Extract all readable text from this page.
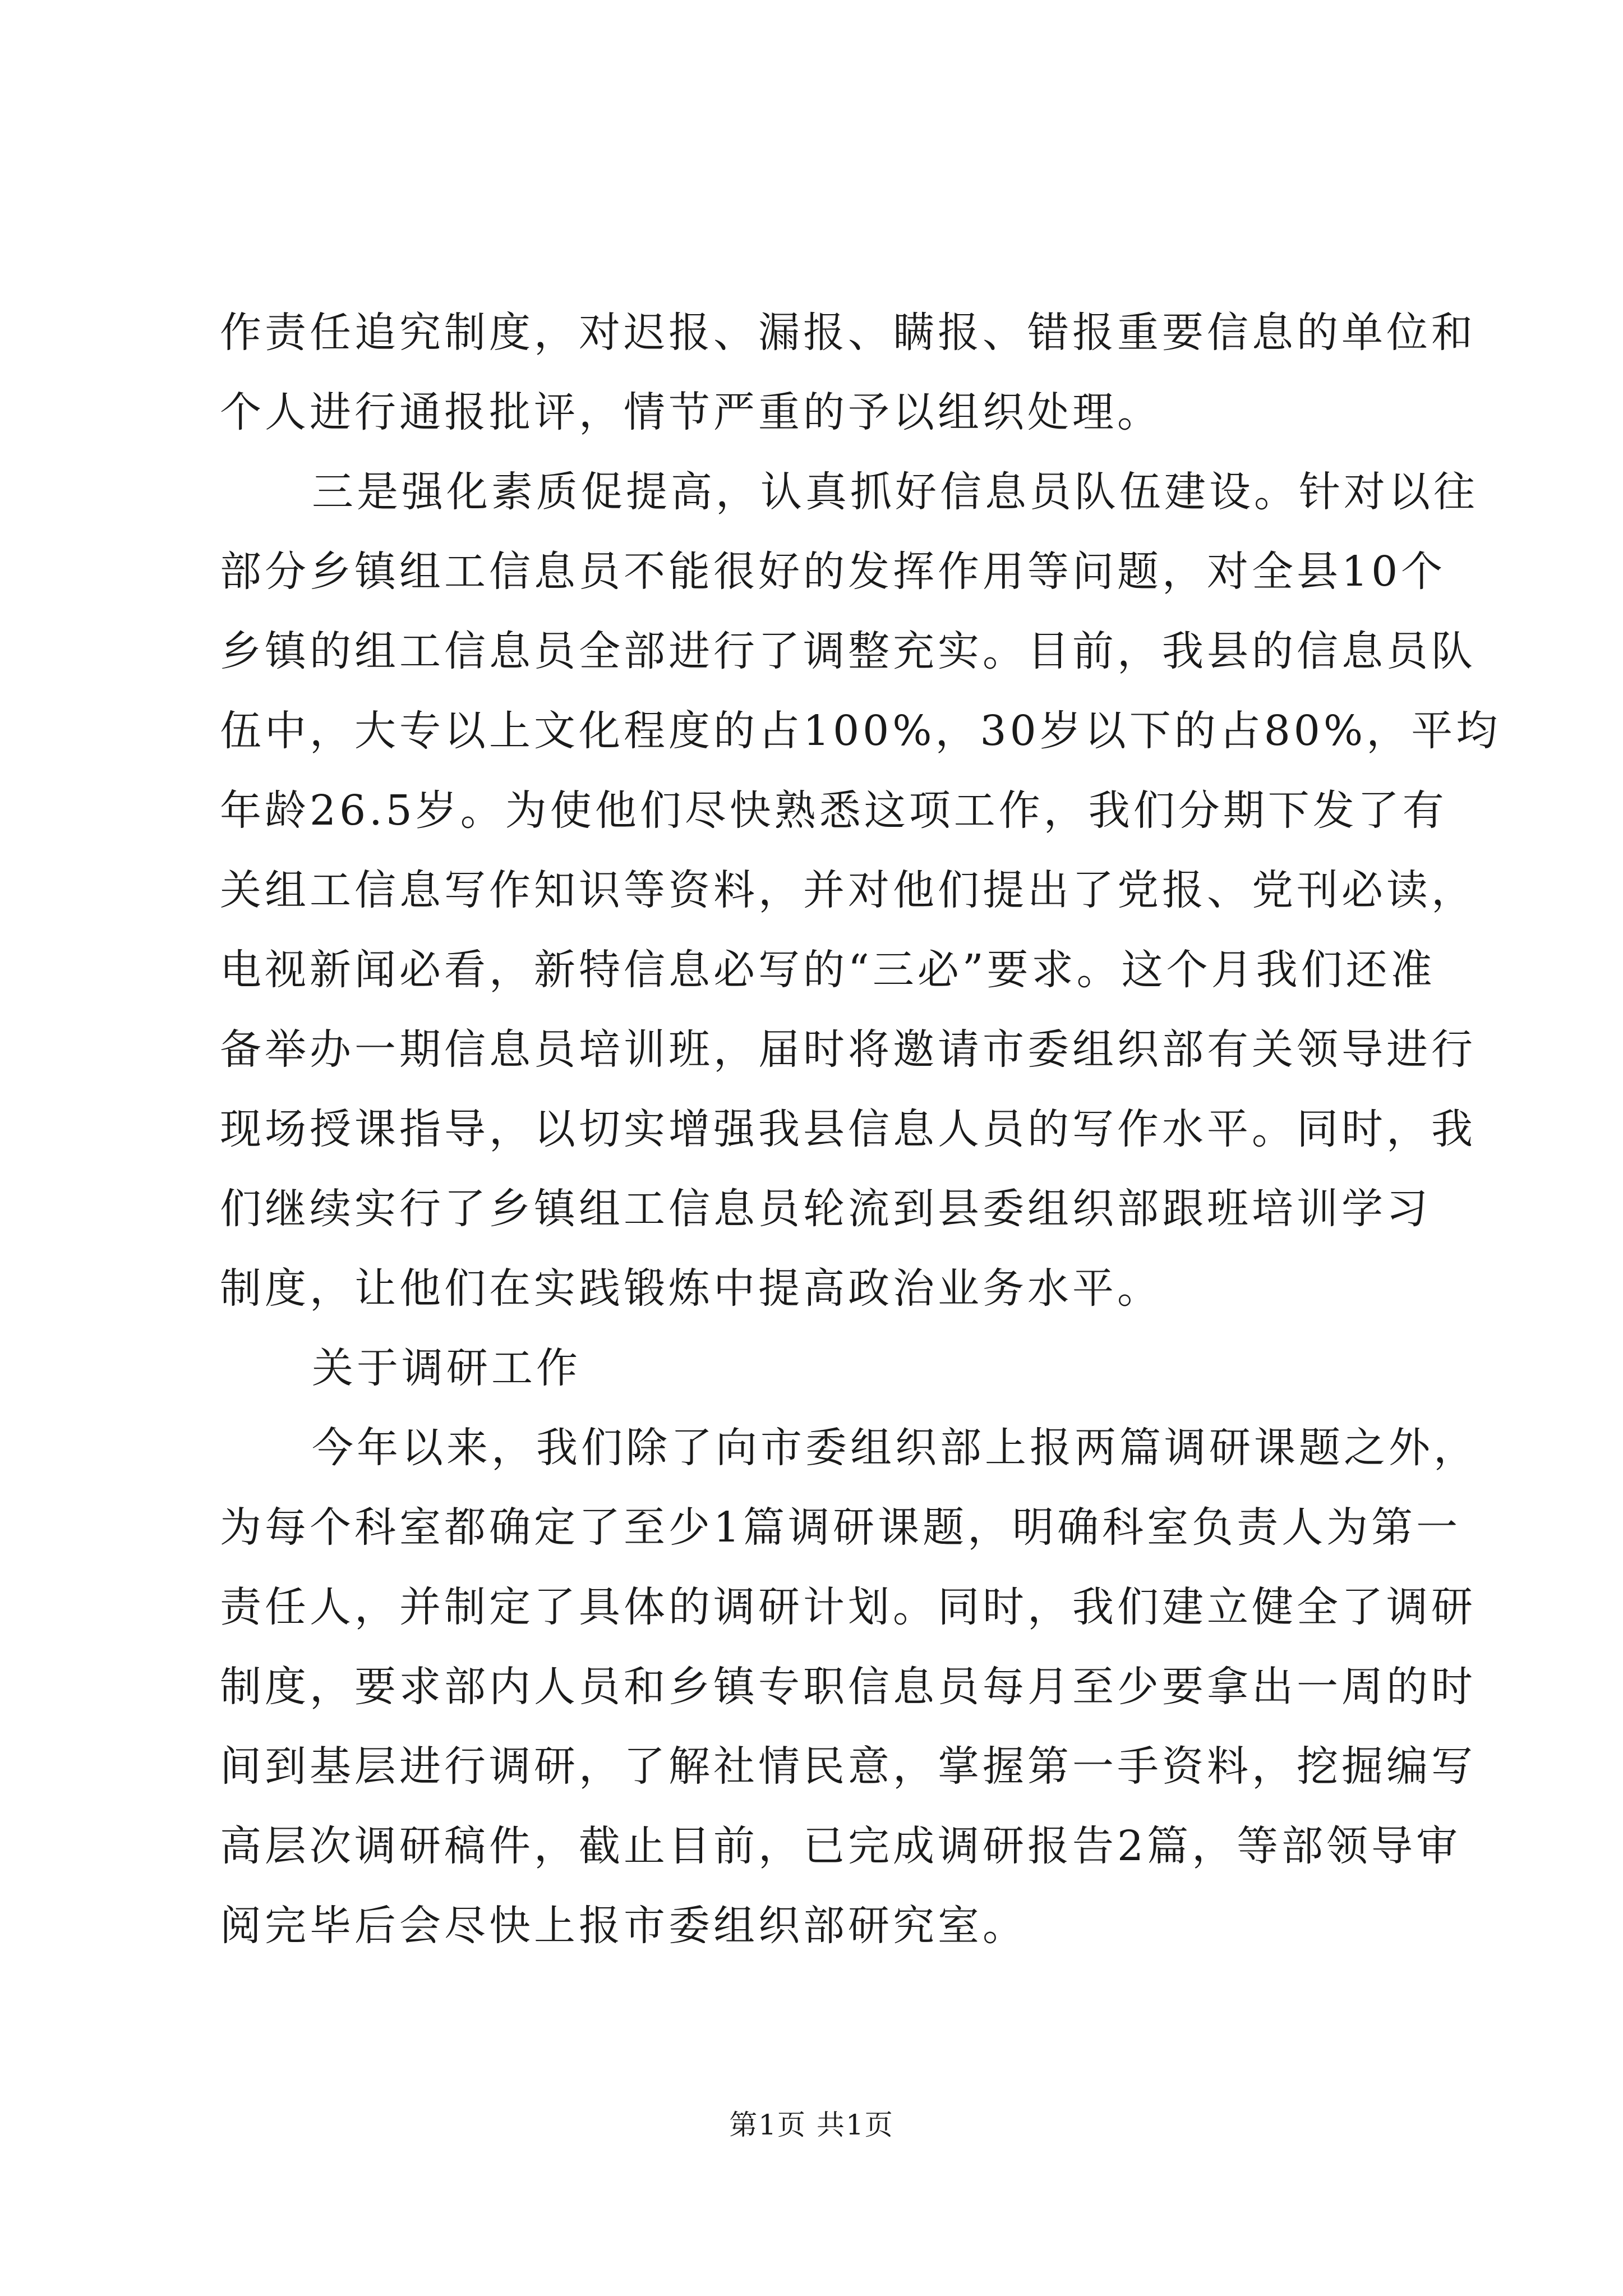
作责任追究制度，对迟报、漏报、瞒报、错报重要信息的单位和
个人进行通报批评，情节严重的予以组织处理。
三是强化素质促提高，认真抓好信息员队伍建设。针对以往
部分乡镇组工信息员不能很好的发挥作用等问题，对全县10个
乡镇的组工信息员全部进行了调整充实。目前，我县的信息员队
伍中，大专以上文化程度的占100%，30岁以下的占80%，平均
年龄26.5岁。为使他们尽快熟悉这项工作，我们分期下发了有
关组工信息写作知识等资料，并对他们提出了党报、党刊必读，
电视新闻必看，新特信息必写的“三必”要求。这个月我们还准
备举办一期信息员培训班，届时将邀请市委组织部有关领导进行
现场授课指导，以切实增强我县信息人员的写作水平。同时，我
们继续实行了乡镇组工信息员轮流到县委组织部跟班培训学习
制度，让他们在实践锻炼中提高政治业务水平。
关于调研工作
今年以来，我们除了向市委组织部上报两篇调研课题之外，
为每个科室都确定了至少1篇调研课题，明确科室负责人为第一
责任人，并制定了具体的调研计划。同时，我们建立健全了调研
制度，要求部内人员和乡镇专职信息员每月至少要拿出一周的时
间到基层进行调研，了解社情民意，掌握第一手资料，挖掘编写
高层次调研稿件，截止目前，已完成调研报告2篇，等部领导审
阅完毕后会尽快上报市委组织部研究室。
第1页 共1页
